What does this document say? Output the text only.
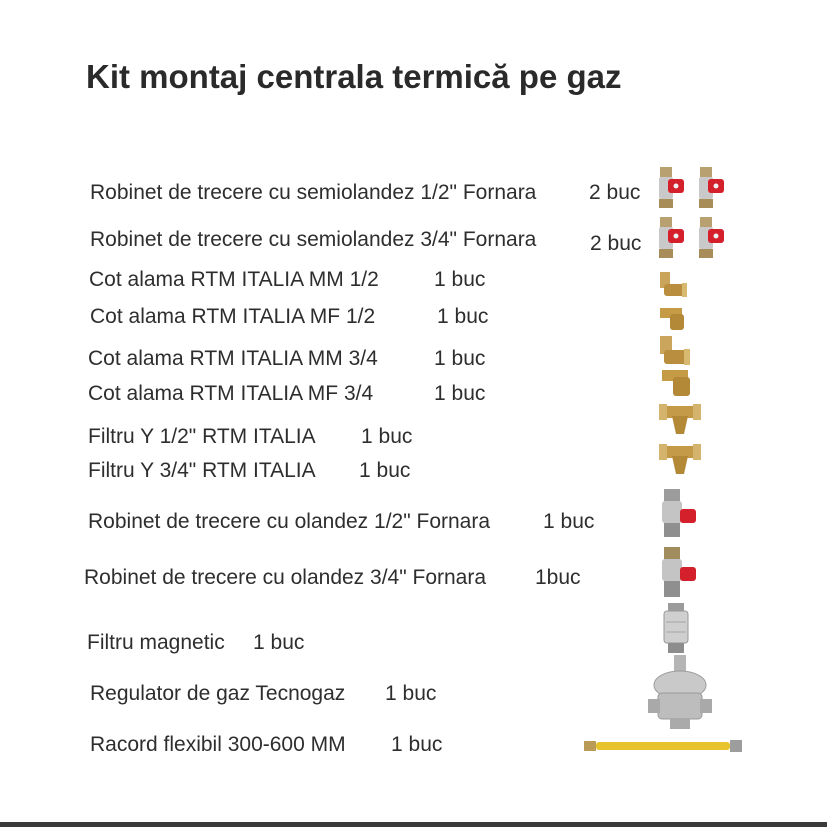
Kit montaj centrala termică pe gaz
Robinet de trecere cu semiolandez 1/2" Fornara	2 buc
Robinet de trecere cu semiolandez 3/4" Fornara	2 buc
Cot alama RTM ITALIA MM 1/2	1 buc
Cot alama RTM ITALIA MF 1/2	1 buc
Cot alama RTM ITALIA MM 3/4	1 buc
Cot alama RTM ITALIA MF 3/4	1 buc
Filtru Y 1/2" RTM ITALIA 1 buc
Filtru Y 3/4" RTM ITALIA 1 buc
Robinet de trecere cu olandez 1/2" Fornara	1 buc
Robinet de trecere cu olandez 3/4" Fornara 1buc
Filtru magnetic 1 buc
Regulator de gaz Tecnogaz 1 buc
Racord flexibil 300-600 MM 1 buc
